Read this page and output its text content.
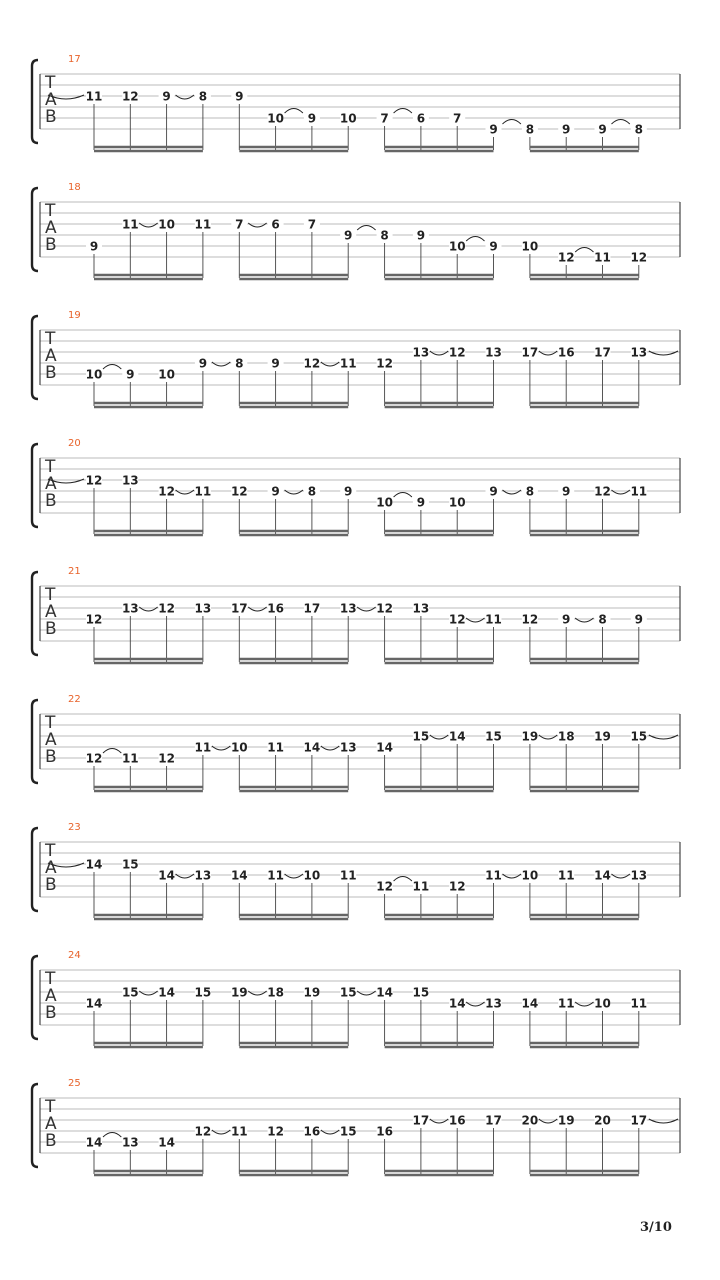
17
T
A
B
11 12 9 8 9
10 9 10 7 6 7
9 8 9 9 8
18
T
A
B	9
11 10 11 7 6 7
9 8 9
10 9 10
12 11 12
19
T
A
B 10 9 10
9 8 9 12 11 12
13 12 13 17 16 17 13
20
T
A
B
12 13
12 11 12 9 8 9
10 9 10
9 8 9 12 11
21
T
A
B 12
13 12 13 17 16 17 13 12 13
12 11 12 9 8 9
22
T
A
B 12 11 12
11 10 11 14 13 14
15 14 15 19 18 19 15
23
T
A
B
14 15
14 13 14 11 10 11
12 11 12
11 10 11 14 13
24
T
A
B 14
15 14 15 19 18 19 15 14 15
14 13 14 11 10 11
25
T
A
B 14 13 14
12 11 12 16 15 16
17 16 17 20 19 20 17
3/10
